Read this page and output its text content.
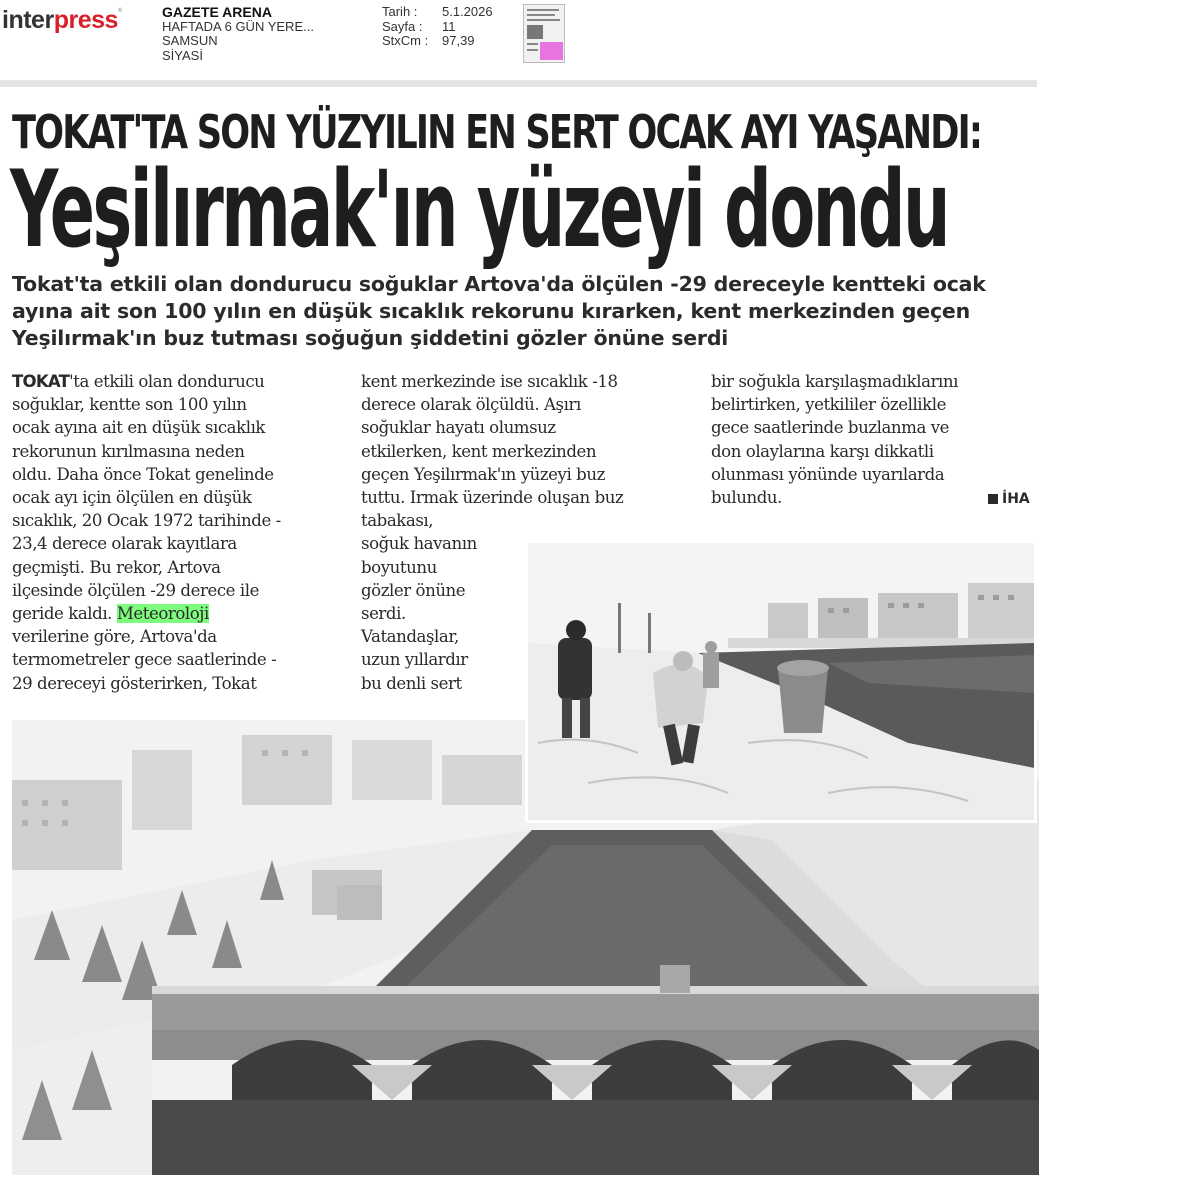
interpress®	GAZETE ARENA
HAFTADA 6 GÜN YERE...
SAMSUN
SİYASİ
Tarih :	5.1.2026
Sayfa :	11
StxCm :	97,39
TOKAT'TA SON YÜZYILIN EN SERT OCAK AYI YAŞANDI:
Yeşilırmak'ın yüzeyi dondu

Tokat'ta etkili olan dondurucu soğuklar Artova'da ölçülen -29 dereceyle kentteki ocak ayına ait son 100 yılın en düşük sıcaklık rekorunu kırarken, kent merkezinden geçen Yeşilırmak'ın buz tutması soğuğun şiddetini gözler önüne serdi

TOKAT'ta etkili olan dondurucu
soğuklar, kentte son 100 yılın
ocak ayına ait en düşük sıcaklık
rekorunun kırılmasına neden
oldu. Daha önce Tokat genelinde
ocak ayı için ölçülen en düşük
sıcaklık, 20 Ocak 1972 tarihinde -
23,4 derece olarak kayıtlara
geçmişti. Bu rekor, Artova
ilçesinde ölçülen -29 derece ile
geride kaldı. Meteoroloji
verilerine göre, Artova'da
termometreler gece saatlerinde -
29 dereceyi gösterirken, Tokat

kent merkezinde ise sıcaklık -18
derece olarak ölçüldü. Aşırı
soğuklar hayatı olumsuz
etkilerken, kent merkezinden
geçen Yeşilırmak'ın yüzeyi buz
tuttu. Irmak üzerinde oluşan buz
tabakası,
soğuk havanın
boyutunu
gözler önüne
serdi.
Vatandaşlar,
uzun yıllardır
bu denli sert

bir soğukla karşılaşmadıklarını
belirtirken, yetkililer özellikle
gece saatlerinde buzlanma ve
don olaylarına karşı dikkatli
olunması yönünde uyarılarda
bulundu.	İHA
